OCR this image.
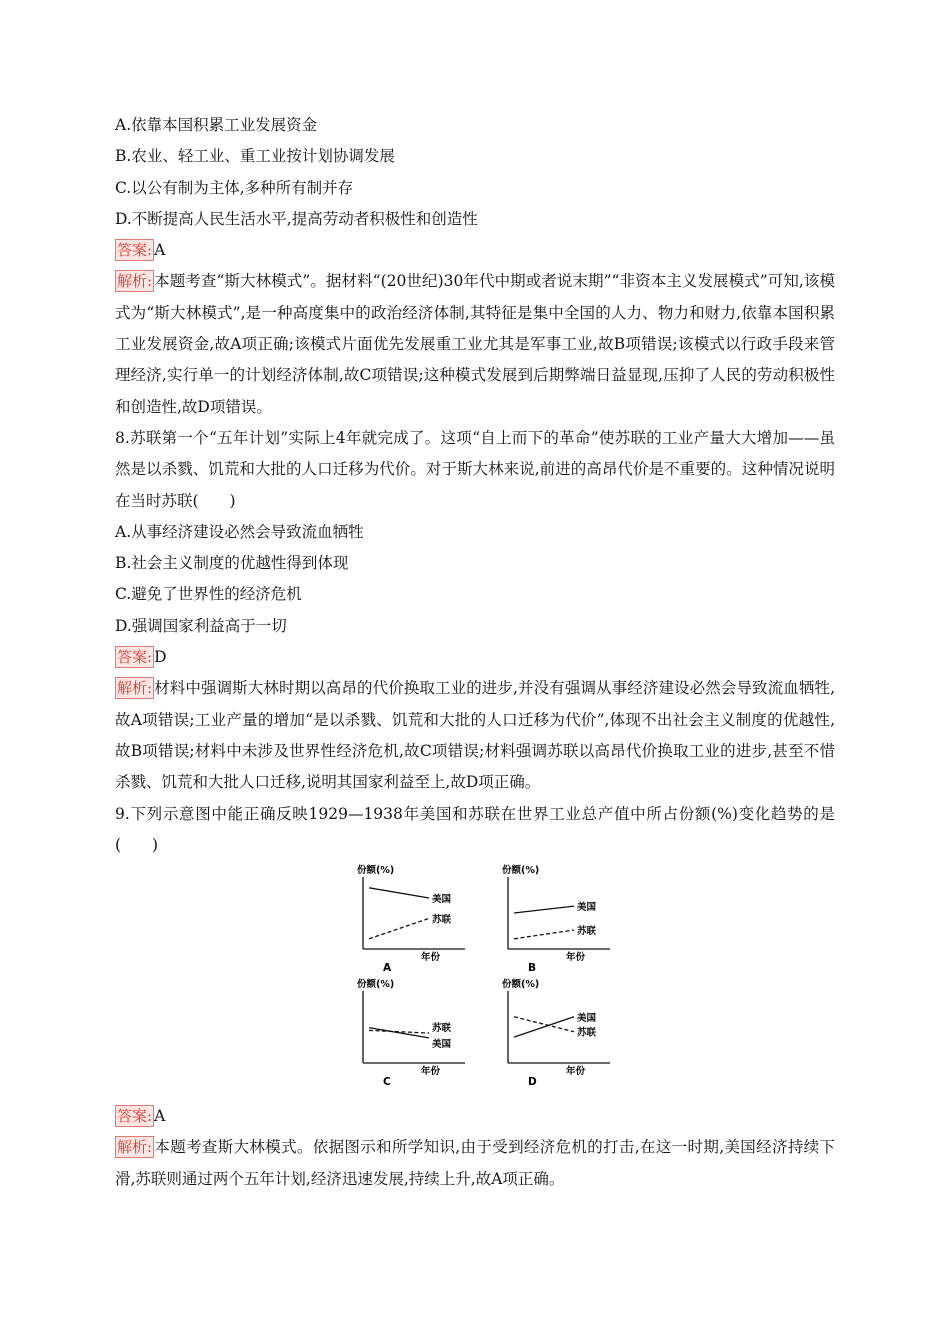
A.依靠本国积累工业发展资金

B.农业、轻工业、重工业按计划协调发展

C.以公有制为主体,多种所有制并存

D.不断提高人民生活水平,提高劳动者积极性和创造性

答案: A

解析: 本题考查“斯大林模式”。据材料“(20世纪)30年代中期或者说末期”“非资本主义发展模式”可知,该模式为“斯大林模式”,是一种高度集中的政治经济体制,其特征是集中全国的人力、物力和财力,依靠本国积累工业发展资金,故A项正确;该模式片面优先发展重工业尤其是军事工业,故B项错误;该模式以行政手段来管理经济,实行单一的计划经济体制,故C项错误;这种模式发展到后期弊端日益显现,压抑了人民的劳动积极性和创造性,故D项错误。

8.苏联第一个“五年计划”实际上4年就完成了。这项“自上而下的革命”使苏联的工业产量大大增加——虽然是以杀戮、饥荒和大批的人口迁移为代价。对于斯大林来说,前进的高昂代价是不重要的。这种情况说明在当时苏联(　　)

A.从事经济建设必然会导致流血牺牲

B.社会主义制度的优越性得到体现

C.避免了世界性的经济危机

D.强调国家利益高于一切

答案: D

解析: 材料中强调斯大林时期以高昂的代价换取工业的进步,并没有强调从事经济建设必然会导致流血牺牲,故A项错误;工业产量的增加“是以杀戮、饥荒和大批的人口迁移为代价”,体现不出社会主义制度的优越性,故B项错误;材料中未涉及世界性经济危机,故C项错误;材料强调苏联以高昂代价换取工业的进步,甚至不惜杀戮、饥荒和大批人口迁移,说明其国家利益至上,故D项正确。

9.下列示意图中能正确反映1929—1938年美国和苏联在世界工业总产值中所占份额(%)变化趋势的是(　　)

份额(%)
年份
A
美国
苏联
份额(%)
年份
B
美国
苏联
份额(%)
年份
C
苏联
美国
份额(%)
年份
D
美国
苏联

答案: A

解析: 本题考查斯大林模式。依据图示和所学知识,由于受到经济危机的打击,在这一时期,美国经济持续下滑,苏联则通过两个五年计划,经济迅速发展,持续上升,故A项正确。
